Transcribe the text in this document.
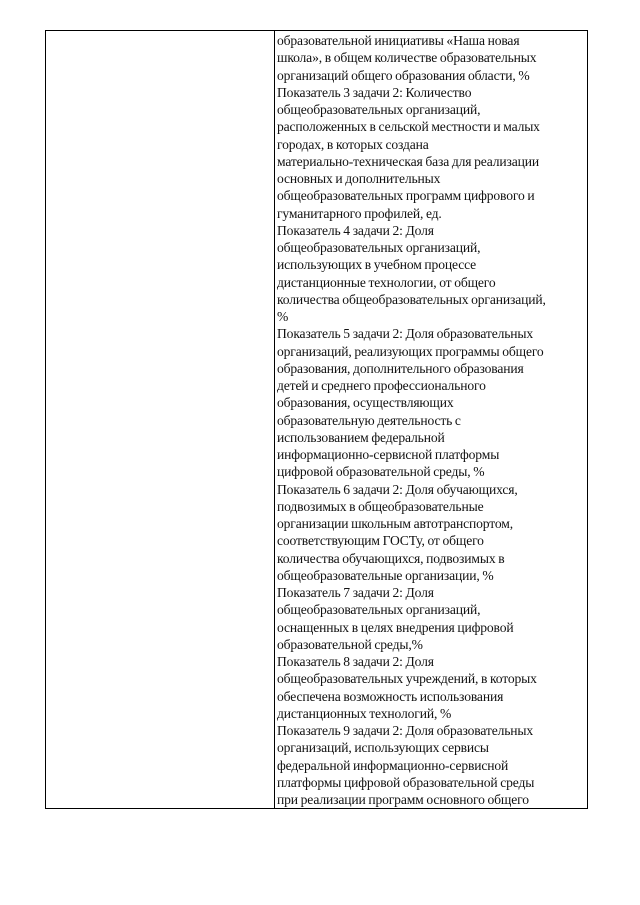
образовательной инициативы «Наша новая
школа», в общем количестве образовательных
организаций общего образования области, %
Показатель 3 задачи 2: Количество
общеобразовательных организаций,
расположенных в сельской местности и малых
городах, в которых создана
материально-техническая база для реализации
основных и дополнительных
общеобразовательных программ цифрового и
гуманитарного профилей, ед.
Показатель 4 задачи 2: Доля
общеобразовательных организаций,
использующих в учебном процессе
дистанционные технологии, от общего
количества общеобразовательных организаций,
%
Показатель 5 задачи 2: Доля образовательных
организаций, реализующих программы общего
образования, дополнительного образования
детей и среднего профессионального
образования, осуществляющих
образовательную деятельность с
использованием федеральной
информационно-сервисной платформы
цифровой образовательной среды, %
Показатель 6 задачи 2: Доля обучающихся,
подвозимых в общеобразовательные
организации школьным автотранспортом,
соответствующим ГОСТу, от общего
количества обучающихся, подвозимых в
общеобразовательные организации, %
Показатель 7 задачи 2: Доля
общеобразовательных организаций,
оснащенных в целях внедрения цифровой
образовательной среды,%
Показатель 8 задачи 2: Доля
общеобразовательных учреждений, в которых
обеспечена возможность использования
дистанционных технологий, %
Показатель 9 задачи 2: Доля образовательных
организаций, использующих сервисы
федеральной информационно-сервисной
платформы цифровой образовательной среды
при реализации программ основного общего
